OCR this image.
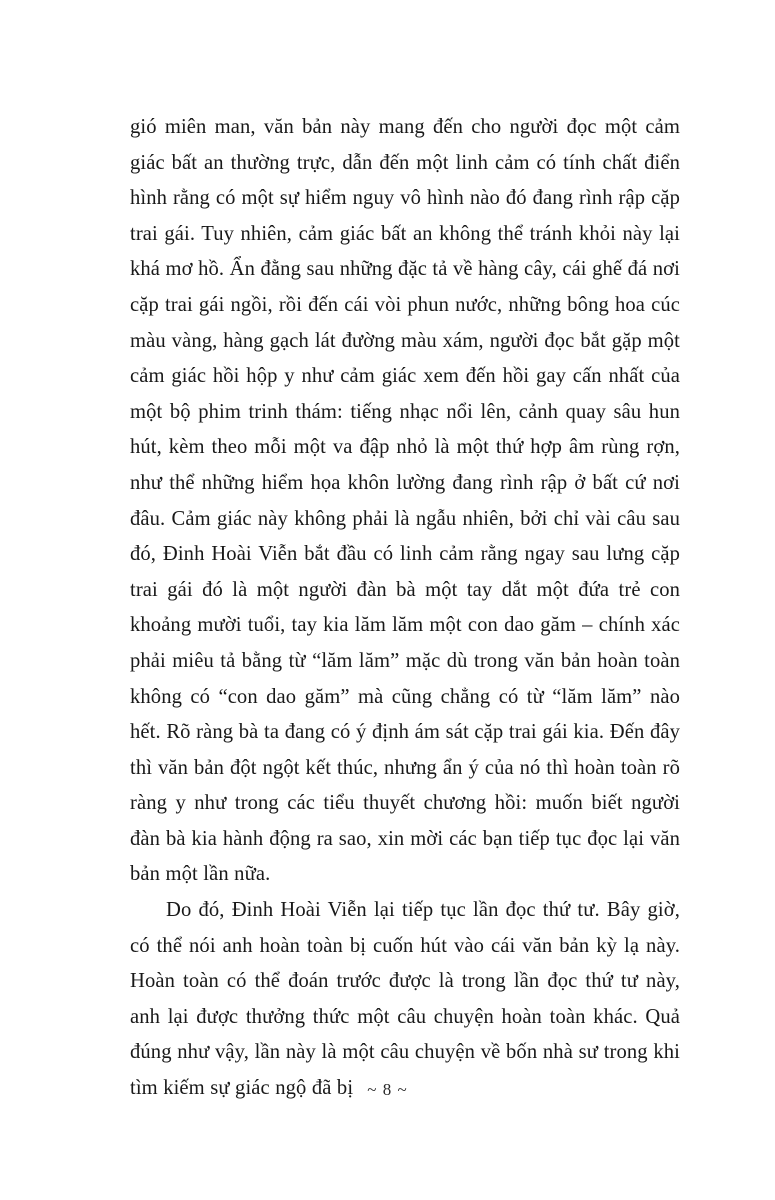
gió miên man, văn bản này mang đến cho người đọc một cảm giác bất an thường trực, dẫn đến một linh cảm có tính chất điển hình rằng có một sự hiểm nguy vô hình nào đó đang rình rập cặp trai gái. Tuy nhiên, cảm giác bất an không thể tránh khỏi này lại khá mơ hồ. Ẩn đằng sau những đặc tả về hàng cây, cái ghế đá nơi cặp trai gái ngồi, rồi đến cái vòi phun nước, những bông hoa cúc màu vàng, hàng gạch lát đường màu xám, người đọc bắt gặp một cảm giác hồi hộp y như cảm giác xem đến hồi gay cấn nhất của một bộ phim trinh thám: tiếng nhạc nổi lên, cảnh quay sâu hun hút, kèm theo mỗi một va đập nhỏ là một thứ hợp âm rùng rợn, như thể những hiểm họa khôn lường đang rình rập ở bất cứ nơi đâu. Cảm giác này không phải là ngẫu nhiên, bởi chỉ vài câu sau đó, Đinh Hoài Viễn bắt đầu có linh cảm rằng ngay sau lưng cặp trai gái đó là một người đàn bà một tay dắt một đứa trẻ con khoảng mười tuổi, tay kia lăm lăm một con dao găm – chính xác phải miêu tả bằng từ “lăm lăm” mặc dù trong văn bản hoàn toàn không có “con dao găm” mà cũng chẳng có từ “lăm lăm” nào hết. Rõ ràng bà ta đang có ý định ám sát cặp trai gái kia. Đến đây thì văn bản đột ngột kết thúc, nhưng ẩn ý của nó thì hoàn toàn rõ ràng y như trong các tiểu thuyết chương hồi: muốn biết người đàn bà kia hành động ra sao, xin mời các bạn tiếp tục đọc lại văn bản một lần nữa.

Do đó, Đinh Hoài Viễn lại tiếp tục lần đọc thứ tư. Bây giờ, có thể nói anh hoàn toàn bị cuốn hút vào cái văn bản kỳ lạ này. Hoàn toàn có thể đoán trước được là trong lần đọc thứ tư này, anh lại được thưởng thức một câu chuyện hoàn toàn khác. Quả đúng như vậy, lần này là một câu chuyện về bốn nhà sư trong khi tìm kiếm sự giác ngộ đã bị ~ 8 ~
